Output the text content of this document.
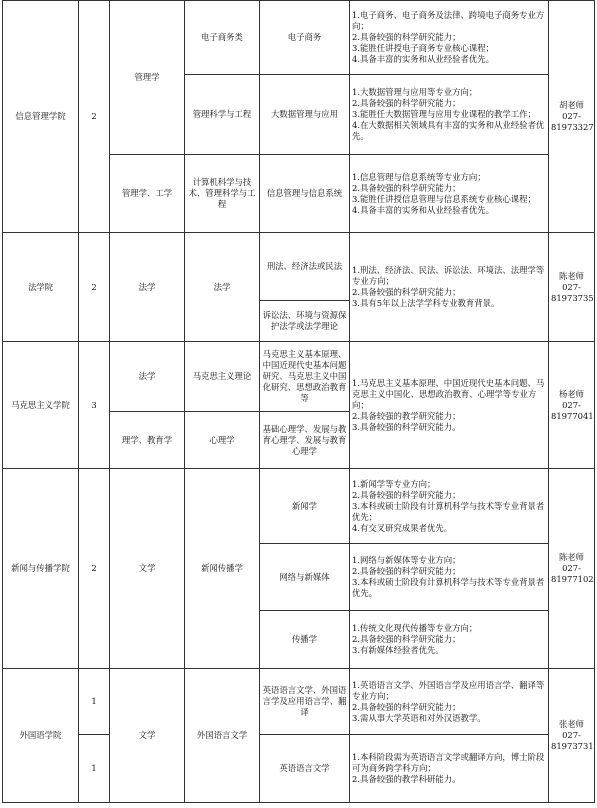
信息管理学院	2	管理学	电子商务类	电子商务	1.电子商务、电子商务及法律、跨境电子商务专业方向；
2.具备较强的科学研究能力；
3.能胜任讲授电子商务专业核心课程；
4.具备丰富的实务和从业经验者优先。	胡老师
027-
81973327

			管理科学与工程	大数据管理与应用	1.大数据管理与应用等专业方向；
2.具备较强的科学研究能力；
3.能胜任大数据管理与应用专业课程的教学工作；
4.在大数据相关领域具有丰富的实务和从业经验者优先。	

		管理学、工学	计算机科学与技术、管理科学与工程	信息管理与信息系统	1.信息管理与信息系统等专业方向；
2.具备较强的科学研究能力；
3.能胜任讲授信息管理与信息系统专业核心课程；
4.具备丰富的实务和从业经验者优先。	

法学院	2	法学	法学	刑法、经济法或民法	1.刑法、经济法、民法、诉讼法、环境法、法理学等专业方向；
2.具备较强的科学研究能力；
3.具有5年以上法学学科专业教育背景。	陈老师
027-
81973735

				诉讼法、环境与资源保护法学或法学理论		
马克思主义学院	3	法学	马克思主义理论	马克思主义基本原理、中国近现代史基本问题研究、马克思主义中国化研究、思想政治教育等	1.马克思主义基本原理、中国近现代史基本问题、马克思主义中国化、思想政治教育、心理学等专业方向；
2.具备较强的教学研究能力；
3.具备较强的科学研究能力。	杨老师
027-
81977041

		理学、教育学	心理学	基础心理学、发展与教育心理学、发展与教育心理学		
新闻与传播学院	2	文学	新闻传播学	新闻学	1.新闻学等专业方向；
2.具备较强的科学研究能力；
3.本科或硕士阶段有计算机科学与技术等专业背景者优先；
4.有交叉研究成果者优先。	陈老师
027-
81977102

				网络与新媒体	1.网络与新媒体等专业方向；
2.具备较强的科学研究能力；
3.本科或硕士阶段有计算机科学与技术等专业背景者优先。	

				传播学	1.传统文化现代传播等专业方向；
2.具备较强的科学研究能力；
3.有新媒体经验者优先。	

外国语学院	1	文学	外国语言文学	英语语言文学、外国语言学及应用语言学、翻译	1.英语语言文学、外国语言学及应用语言学、翻译等专业方向；
2.具备较强的科学研究能力；
3.需从事大学英语和对外汉语教学。	张老师
027-
81973731

	1			英语语言文学	1.本科阶段需为英语语言文学或翻译方向，博士阶段可为商务跨学科方向；
2.具备较强的教学科研能力。	
